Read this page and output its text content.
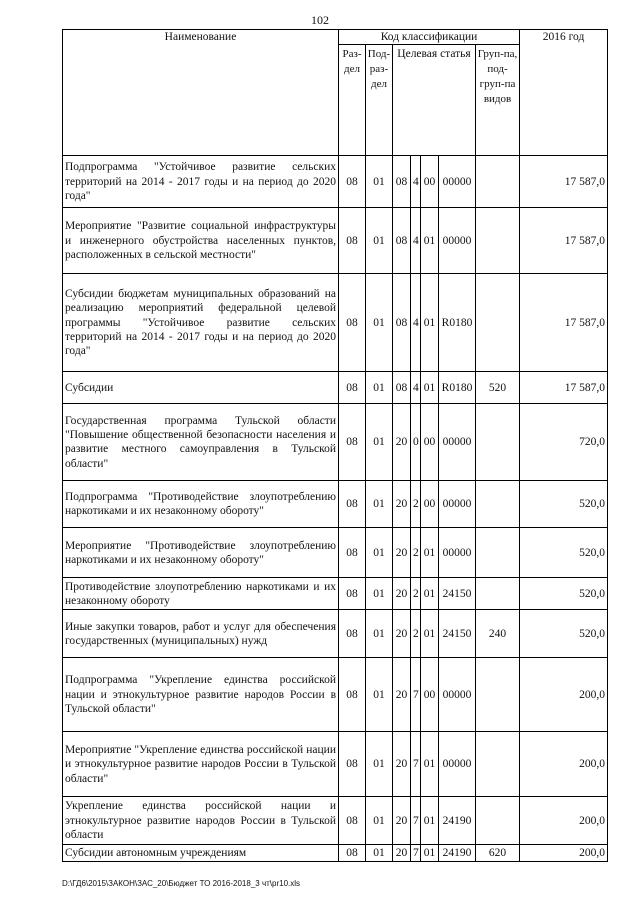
102
Наименование	Код классификации							2016 год
	Раз-дел	Под-раз-дел	Целевая статья				Груп-па, под-груп-па видов	
Подпрограмма "Устойчивое развитие сельских территорий на 2014 - 2017 годы и на период до 2020 года"	08	01	08	4	00	00000		17 587,0
Мероприятие "Развитие социальной инфраструктуры и инженерного обустройства населенных пунктов, расположенных в сельской местности"	08	01	08	4	01	00000		17 587,0
Субсидии бюджетам муниципальных образований на реализацию мероприятий федеральной целевой программы "Устойчивое развитие сельских территорий на 2014 - 2017 годы и на период до 2020 года"	08	01	08	4	01	R0180		17 587,0
Субсидии	08	01	08	4	01	R0180	520	17 587,0
Государственная программа Тульской области "Повышение общественной безопасности населения и развитие местного самоуправления в Тульской области"	08	01	20	0	00	00000		720,0
Подпрограмма "Противодействие злоупотреблению наркотиками и их незаконному обороту"	08	01	20	2	00	00000		520,0
Мероприятие "Противодействие злоупотреблению наркотиками и их незаконному обороту"	08	01	20	2	01	00000		520,0
Противодействие злоупотреблению наркотиками и их незаконному обороту	08	01	20	2	01	24150		520,0
Иные закупки товаров, работ и услуг для обеспечения государственных (муниципальных) нужд	08	01	20	2	01	24150	240	520,0
Подпрограмма "Укрепление единства российской нации и этнокультурное развитие народов России в Тульской области"	08	01	20	7	00	00000		200,0
Мероприятие "Укрепление единства российской нации и этнокультурное развитие народов России в Тульской области"	08	01	20	7	01	00000		200,0
Укрепление единства российской нации и этнокультурное развитие народов России в Тульской области	08	01	20	7	01	24190		200,0
Субсидии автономным учреждениям	08	01	20	7	01	24190	620	200,0
D:\ГД6\2015\ЗАКОН\ЗАС_20\Бюджет ТО 2016-2018_3 чт\pr10.xls
